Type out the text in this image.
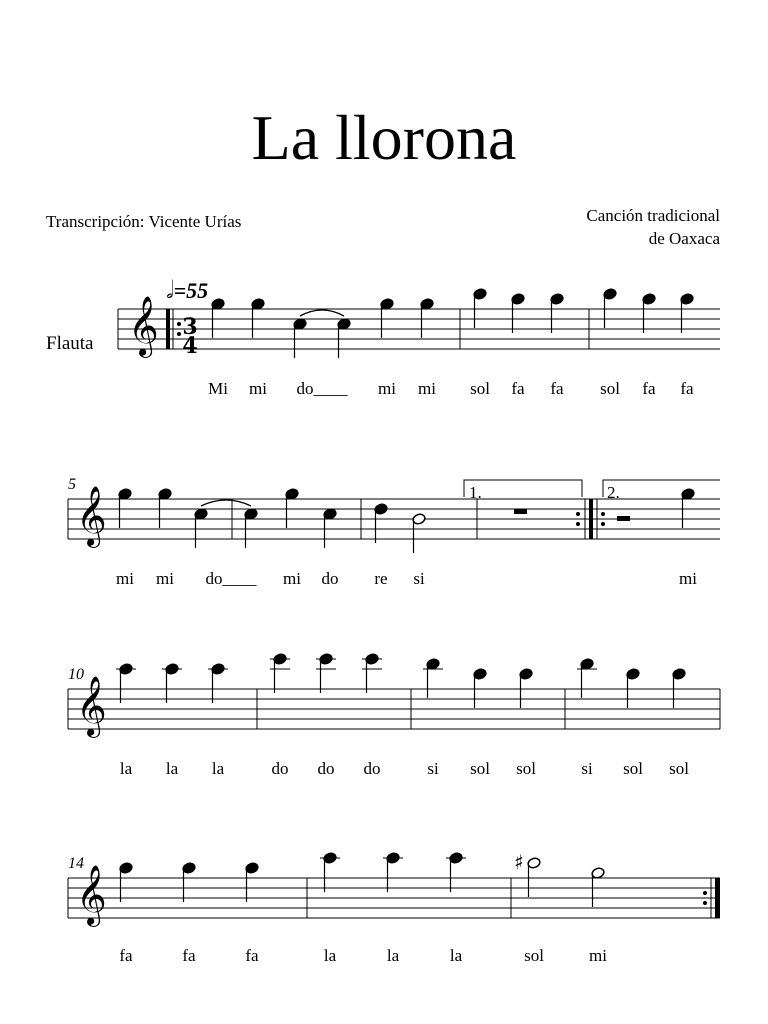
La llorona
Transcripción: Vicente Urías	Canción tradicional
de Oaxaca
Flauta
𝅗𝅥=55
5
10
14
1.	2.
Mi mi do____ mi mi sol fa fa sol fa fa
mi mi do____ mi do re si	mi
la la la	do do do	si sol sol	si sol sol
fa	fa	fa	la	la	la	sol	mi
𝄞
𝄞
𝄞
𝄞
♯
3
4
